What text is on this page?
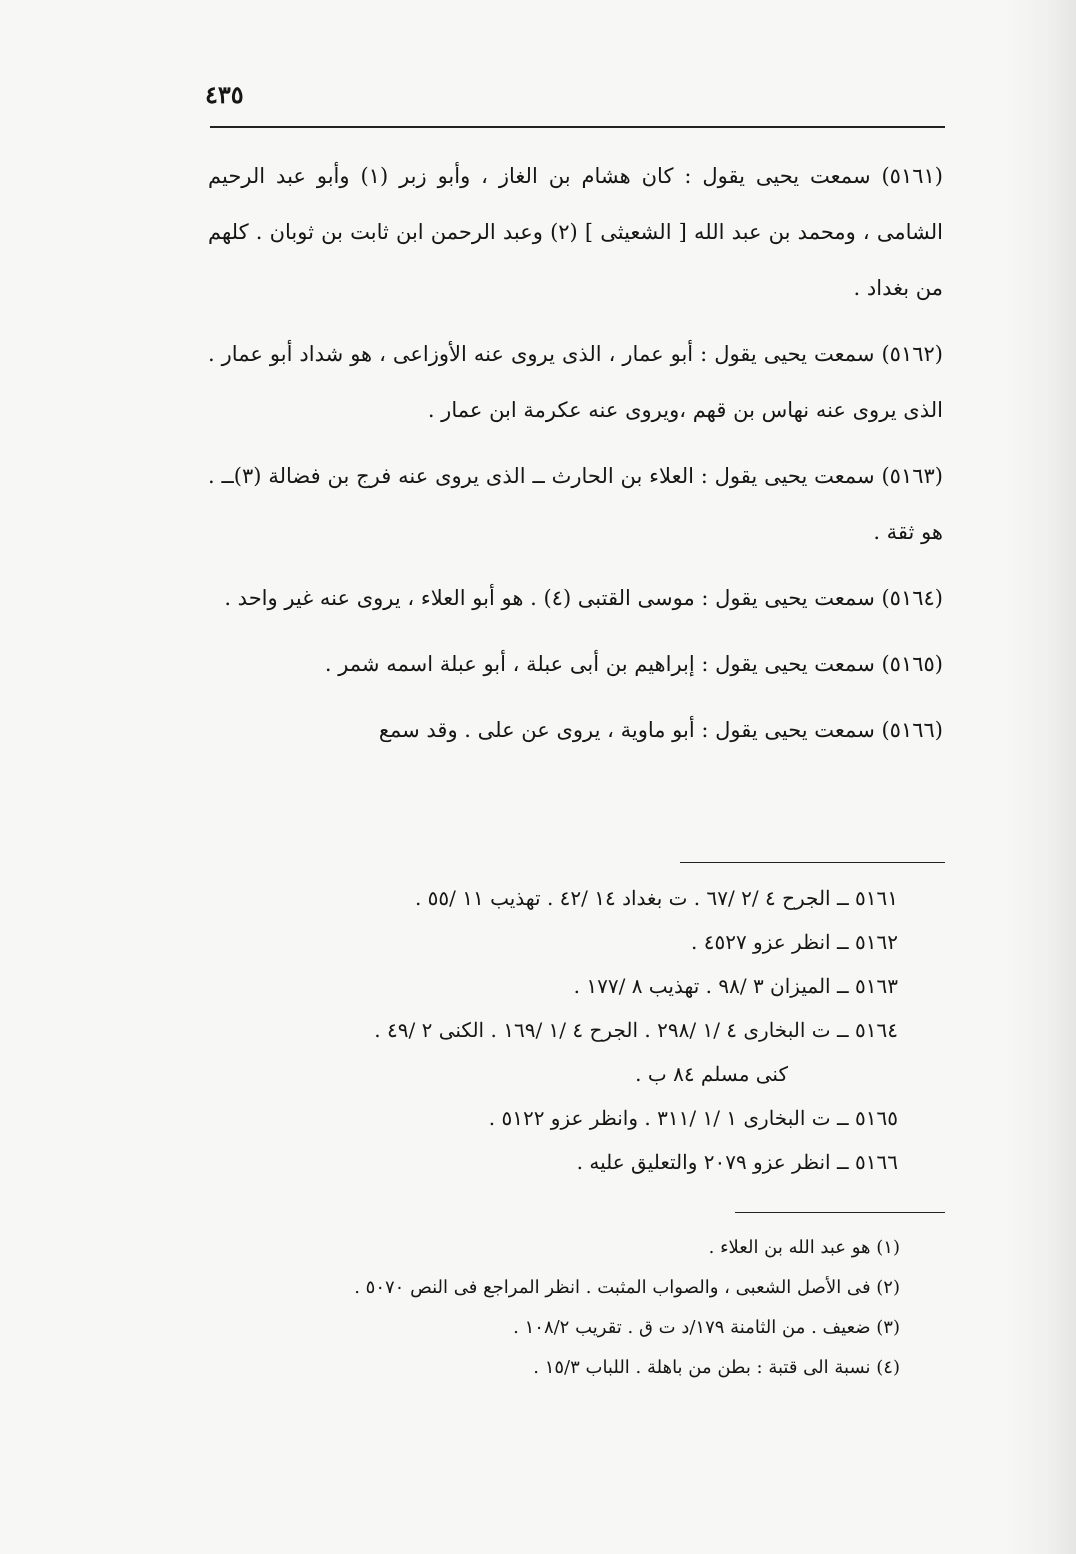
٤٣٥

(٥١٦١) سمعت يحيى يقول : كان هشام بن الغاز ، وأبو زبر (١) وأبو عبد الرحيم الشامى ، ومحمد بن عبد الله [ الشعيثى ] (٢) وعبد الرحمن ابن ثابت بن ثوبان . كلهم من بغداد .

(٥١٦٢) سمعت يحيى يقول : أبو عمار ، الذى يروى عنه الأوزاعى ، هو شداد أبو عمار . الذى يروى عنه نهاس بن قهم ،ويروى عنه عكرمة ابن عمار .

(٥١٦٣) سمعت يحيى يقول : العلاء بن الحارث ــ الذى يروى عنه فرج بن فضالة (٣)ــ . هو ثقة .

(٥١٦٤) سمعت يحيى يقول : موسى القتبى (٤) . هو أبو العلاء ، يروى عنه غير واحد .

(٥١٦٥) سمعت يحيى يقول : إبراهيم بن أبى عبلة ، أبو عبلة اسمه شمر .

(٥١٦٦) سمعت يحيى يقول : أبو ماوية ، يروى عن على . وقد سمع

٥١٦١ ــ الجرح ٤ /٢ /٦٧ . ت بغداد ١٤ /٤٢ . تهذيب ١١ /٥٥ .
٥١٦٢ ــ انظر عزو ٤٥٢٧ .
٥١٦٣ ــ الميزان ٣ /٩٨ . تهذيب ٨ /١٧٧ .
٥١٦٤ ــ ت البخارى ٤ /١ /٢٩٨ . الجرح ٤ /١ /١٦٩ . الكنى ٢ /٤٩ .
كنى مسلم ٨٤ ب .
٥١٦٥ ــ ت البخارى ١ /١ /٣١١ . وانظر عزو ٥١٢٢ .
٥١٦٦ ــ انظر عزو ٢٠٧٩ والتعليق عليه .
(١) هو عبد الله بن العلاء .
(٢) فى الأصل الشعبى ، والصواب المثبت . انظر المراجع فى النص ٥٠٧٠ .
(٣) ضعيف . من الثامنة ١٧٩/د ت ق . تقريب ١٠٨/٢ .
(٤) نسبة الى قتبة : بطن من باهلة . اللباب ١٥/٣ .
